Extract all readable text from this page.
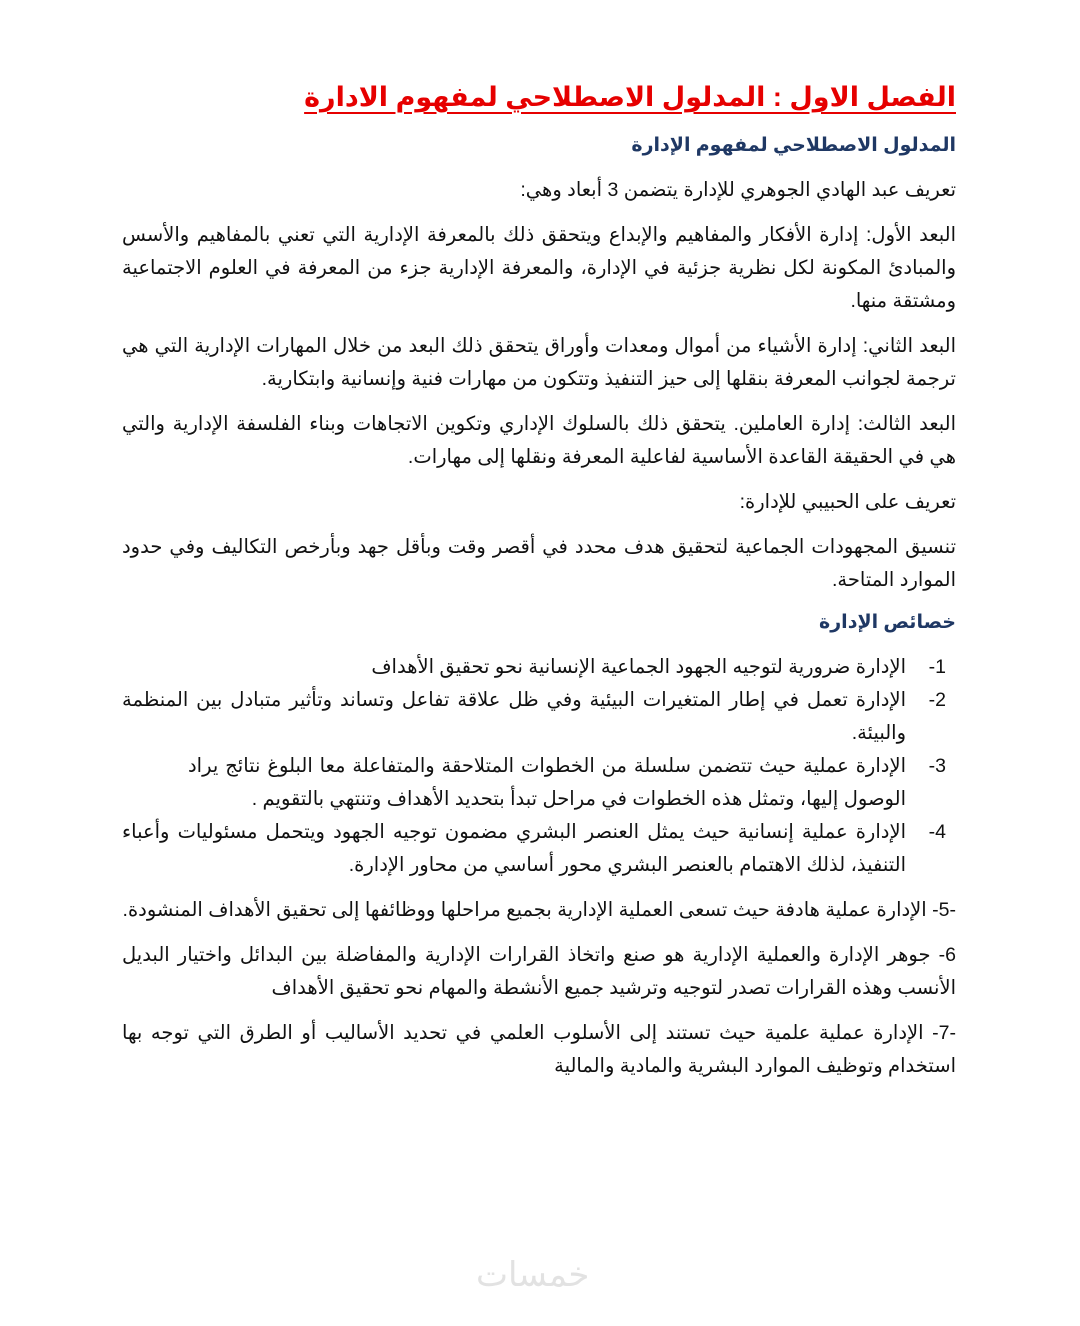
الفصل الاول : المدلول الاصطلاحي لمفهوم الادارة
المدلول الاصطلاحي لمفهوم الإدارة

تعريف عبد الهادي الجوهري للإدارة يتضمن 3 أبعاد وهي:

البعد الأول: إدارة الأفكار والمفاهيم والإبداع ويتحقق ذلك بالمعرفة الإدارية التي تعني بالمفاهيم والأسس والمبادئ المكونة لكل نظرية جزئية في الإدارة، والمعرفة الإدارية جزء من المعرفة في العلوم الاجتماعية ومشتقة منها.

البعد الثاني: إدارة الأشياء من أموال ومعدات وأوراق يتحقق ذلك البعد من خلال المهارات الإدارية التي هي ترجمة لجوانب المعرفة بنقلها إلى حيز التنفيذ وتتكون من مهارات فنية وإنسانية وابتكارية.

البعد الثالث: إدارة العاملين. يتحقق ذلك بالسلوك الإداري وتكوين الاتجاهات وبناء الفلسفة الإدارية والتي هي في الحقيقة القاعدة الأساسية لفاعلية المعرفة ونقلها إلى مهارات.

تعريف على الحبيبي للإدارة:

تنسيق المجهودات الجماعية لتحقيق هدف محدد في أقصر وقت وبأقل جهد وبأرخص التكاليف وفي حدود الموارد المتاحة.

خصائص الإدارة
1-
الإدارة ضرورية لتوجيه الجهود الجماعية الإنسانية نحو تحقيق الأهداف
2-
الإدارة تعمل في إطار المتغيرات البيئية وفي ظل علاقة تفاعل وتساند وتأثير متبادل بين المنظمة والبيئة.
3-
الإدارة عملية حيث تتضمن سلسلة من الخطوات المتلاحقة والمتفاعلة معا البلوغ نتائج يراد الوصول إليها، وتمثل هذه الخطوات في مراحل تبدأ بتحديد الأهداف وتنتهي بالتقويم .
4-
الإدارة عملية إنسانية حيث يمثل العنصر البشري مضمون توجيه الجهود ويتحمل مسئوليات وأعباء التنفيذ، لذلك الاهتمام بالعنصر البشري محور أساسي من محاور الإدارة.

-5- الإدارة عملية هادفة حيث تسعى العملية الإدارية بجميع مراحلها ووظائفها إلى تحقيق الأهداف المنشودة.

6- جوهر الإدارة والعملية الإدارية هو صنع واتخاذ القرارات الإدارية والمفاضلة بين البدائل واختيار البديل الأنسب وهذه القرارات تصدر لتوجيه وترشيد جميع الأنشطة والمهام نحو تحقيق الأهداف

-7- الإدارة عملية علمية حيث تستند إلى الأسلوب العلمي في تحديد الأساليب أو الطرق التي توجه بها استخدام وتوظيف الموارد البشرية والمادية والمالية

خمسات
